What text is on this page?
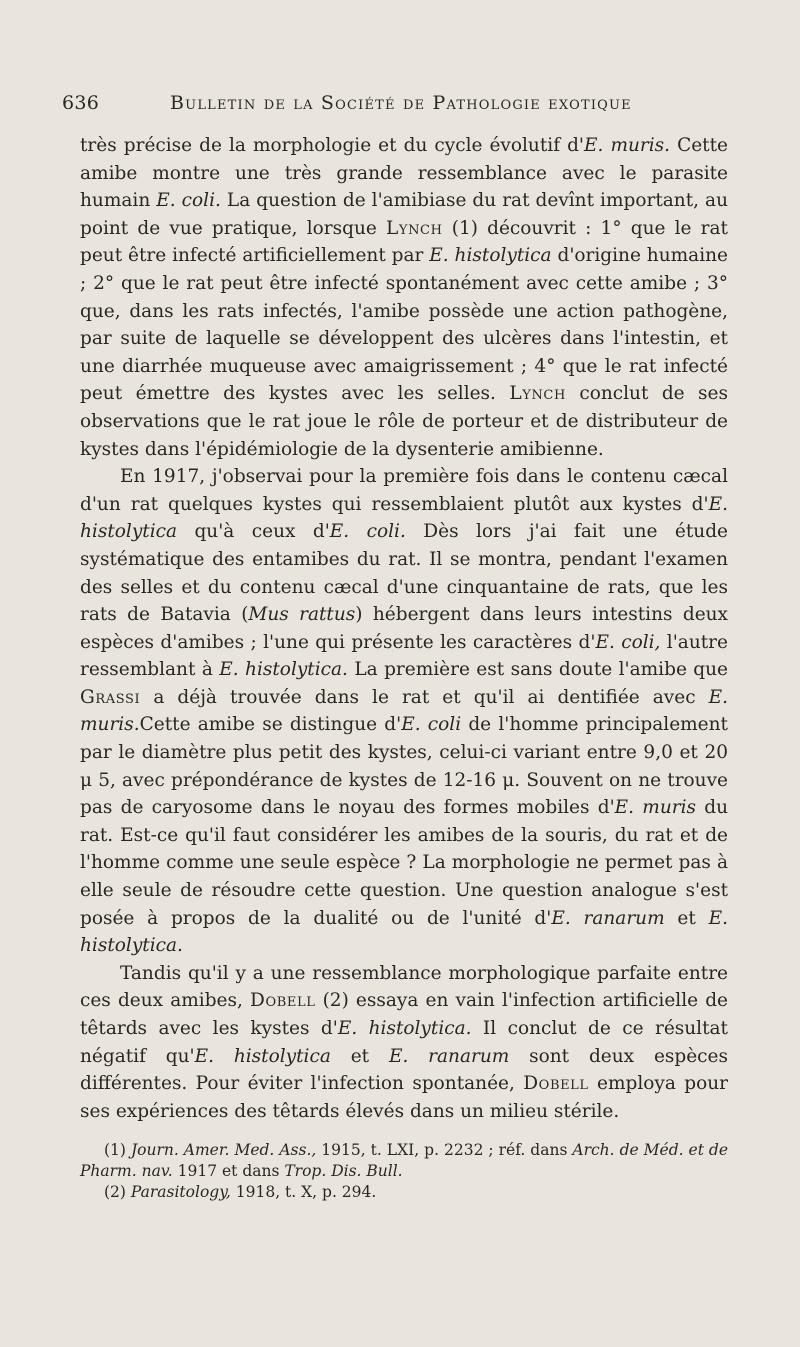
636	Bulletin de la Société de Pathologie exotique

très précise de la morphologie et du cycle évolutif d'E. muris. Cette amibe montre une très grande ressemblance avec le parasite humain E. coli. La question de l'amibiase du rat devînt important, au point de vue pratique, lorsque Lynch (1) découvrit : 1° que le rat peut être infecté artificiellement par E. histolytica d'origine humaine ; 2° que le rat peut être infecté spontanément avec cette amibe ; 3° que, dans les rats infectés, l'amibe possède une action pathogène, par suite de laquelle se développent des ulcères dans l'intestin, et une diarrhée muqueuse avec amaigrissement ; 4° que le rat infecté peut émettre des kystes avec les selles. Lynch conclut de ses observations que le rat joue le rôle de porteur et de distributeur de kystes dans l'épidémiologie de la dysenterie amibienne.

En 1917, j'observai pour la première fois dans le contenu cæcal d'un rat quelques kystes qui ressemblaient plutôt aux kystes d'E. histolytica qu'à ceux d'E. coli. Dès lors j'ai fait une étude systématique des entamibes du rat. Il se montra, pendant l'examen des selles et du contenu cæcal d'une cinquantaine de rats, que les rats de Batavia (Mus rattus) hébergent dans leurs intestins deux espèces d'amibes ; l'une qui présente les caractères d'E. coli, l'autre ressemblant à E. histolytica. La première est sans doute l'amibe que Grassi a déjà trouvée dans le rat et qu'il ai dentifiée avec E. muris.Cette amibe se distingue d'E. coli de l'homme principalement par le diamètre plus petit des kystes, celui-ci variant entre 9,0 et 20 μ 5, avec prépondérance de kystes de 12-16 μ. Souvent on ne trouve pas de caryosome dans le noyau des formes mobiles d'E. muris du rat. Est-ce qu'il faut considérer les amibes de la souris, du rat et de l'homme comme une seule espèce ? La morphologie ne permet pas à elle seule de résoudre cette question. Une question analogue s'est posée à propos de la dualité ou de l'unité d'E. ranarum et E. histolytica.

Tandis qu'il y a une ressemblance morphologique parfaite entre ces deux amibes, Dobell (2) essaya en vain l'infection artificielle de têtards avec les kystes d'E. histolytica. Il conclut de ce résultat négatif qu'E. histolytica et E. ranarum sont deux espèces différentes. Pour éviter l'infection spontanée, Dobell employa pour ses expériences des têtards élevés dans un milieu stérile.

(1) Journ. Amer. Med. Ass., 1915, t. LXI, p. 2232 ; réf. dans Arch. de Méd. et de Pharm. nav. 1917 et dans Trop. Dis. Bull.

(2) Parasitology, 1918, t. X, p. 294.
